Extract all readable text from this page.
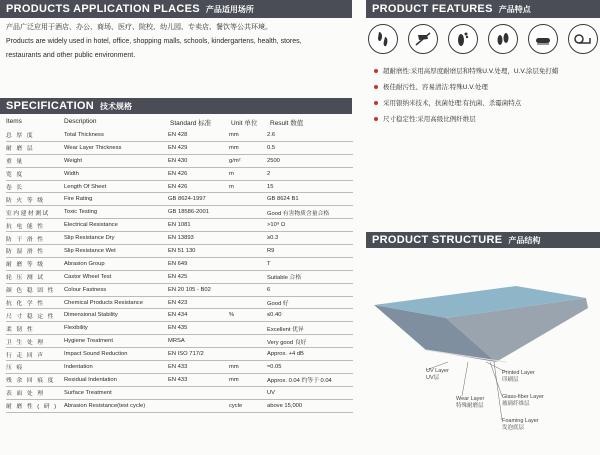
PRODUCTS APPLICATION PLACES 产品适用场所
产品广泛应用于酒店、办公、商场、医疗、院校、幼儿园、专卖店、餐饮等公共环境。
Products are widely used in hotel, office, shopping malls, schools, kindergartens, health, stores,
restaurants and other public environment.
PRODUCT FEATURES 产品特点
超耐磨性:采用高厚度耐磨层和特殊U.V.处理，U.V.涂层免打蜡
极佳耐污性、容易清洁:特殊U.V.处理
采用银纳米技术，抗菌处理:有抗菌、杀霉菌特点
尺寸稳定性:采用高级比例纤维层
SPECIFICATION 技术规格
Items	Description	Standard 标准	Unit 单位 Result 数值
总 厚 度	Total Thickness	EN 428	mm	2.6
耐 磨 层	Wear Layer Thickness	EN 429	mm	0.5
重 量	Weight	EN 430	g/m²	2500
宽 度	Width	EN 426	m	2
卷 长	Length Of Sheet	EN 426	m	15
防 火 等 级	Fire Rating	GB 8624-1997		GB 8624 B1
室内建材测试	Toxic Testing	GB 18586-2001		Good 有害物质含量合格
抗 电 能 性	Electrical Resistance	EN 1081		>10⁹ Ω
防 干 滑 性	Slip Resistance Dry	EN 13893		≥0.3
防 湿 滑 性	Slip Resistance Wet	EN 51 130		R9
耐 磨 等 级	Abrasion Group	EN 649		T
轮 压 测 试	Castor Wheel Test	EN 425		Suitable 合格
颜 色 稳 固 性	Colour Fastness	EN 20 105 - B02		6
抗 化 学 性	Chemical Products Resistance	EN 423		Good 好
尺 寸 稳 定 性	Dimensional Stability	EN 434	%	≤0.40
柔 韧 性	Flexibility	EN 435		Excellent 优异
卫 生 处 理	Hygiene Treatment	MRSA		Very good 良好
行 走 回 声	Impact Sound Reduction	EN ISO 717/2		Approx. +4 dB
压 痕	Indentation	EN 433	mm	≈0.05
残 余 回 痕 度	Residual Indentation	EN 433	mm	Approx. 0.04 约等于 0.04
表 面 处 理	Surface Treatment			UV
耐 磨 性 ( 研 )	Abrasion Resistance(test cycle)		cycle	above 15,000
PRODUCT STRUCTURE 产品结构
UV Layer
UV层
Wear Layer
特殊耐磨层
Printed Layer
印刷层
Glass-fiber Layer
玻璃纤维层
Foaming Layer
发泡底层
